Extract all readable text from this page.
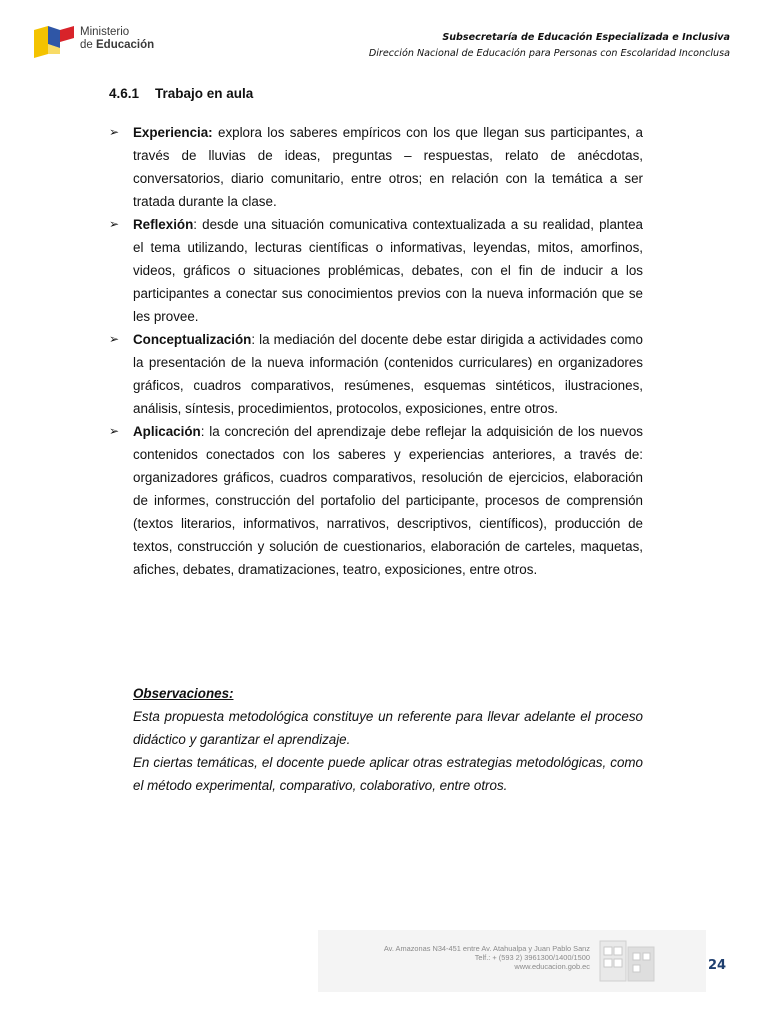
Ministerio
de Educación
Subsecretaría de Educación Especializada e Inclusiva
Dirección Nacional de Educación para Personas con Escolaridad Inconclusa
4.6.1 Trabajo en aula
➢ Experiencia: explora los saberes empíricos con los que llegan sus participantes, a través de lluvias de ideas, preguntas – respuestas, relato de anécdotas, conversatorios, diario comunitario, entre otros; en relación con la temática a ser tratada durante la clase.
➢ Reflexión: desde una situación comunicativa contextualizada a su realidad, plantea el tema utilizando, lecturas científicas o informativas, leyendas, mitos, amorfinos, videos, gráficos o situaciones problémicas, debates, con el fin de inducir a los participantes a conectar sus conocimientos previos con la nueva información que se les provee.
➢ Conceptualización: la mediación del docente debe estar dirigida a actividades como la presentación de la nueva información (contenidos curriculares) en organizadores gráficos, cuadros comparativos, resúmenes, esquemas sintéticos, ilustraciones, análisis, síntesis, procedimientos, protocolos, exposiciones, entre otros.
➢ Aplicación: la concreción del aprendizaje debe reflejar la adquisición de los nuevos contenidos conectados con los saberes y experiencias anteriores, a través de: organizadores gráficos, cuadros comparativos, resolución de ejercicios, elaboración de informes, construcción del portafolio del participante, procesos de comprensión (textos literarios, informativos, narrativos, descriptivos, científicos), producción de textos, construcción y solución de cuestionarios, elaboración de carteles, maquetas, afiches, debates, dramatizaciones, teatro, exposiciones, entre otros.
Observaciones:
Esta propuesta metodológica constituye un referente para llevar adelante el proceso didáctico y garantizar el aprendizaje.
En ciertas temáticas, el docente puede aplicar otras estrategias metodológicas, como el método experimental, comparativo, colaborativo, entre otros.
Av. Amazonas N34-451 entre Av. Atahualpa y Juan Pablo Sanz
Telf.: + (593 2) 3961300/1400/1500
www.educacion.gob.ec	24
